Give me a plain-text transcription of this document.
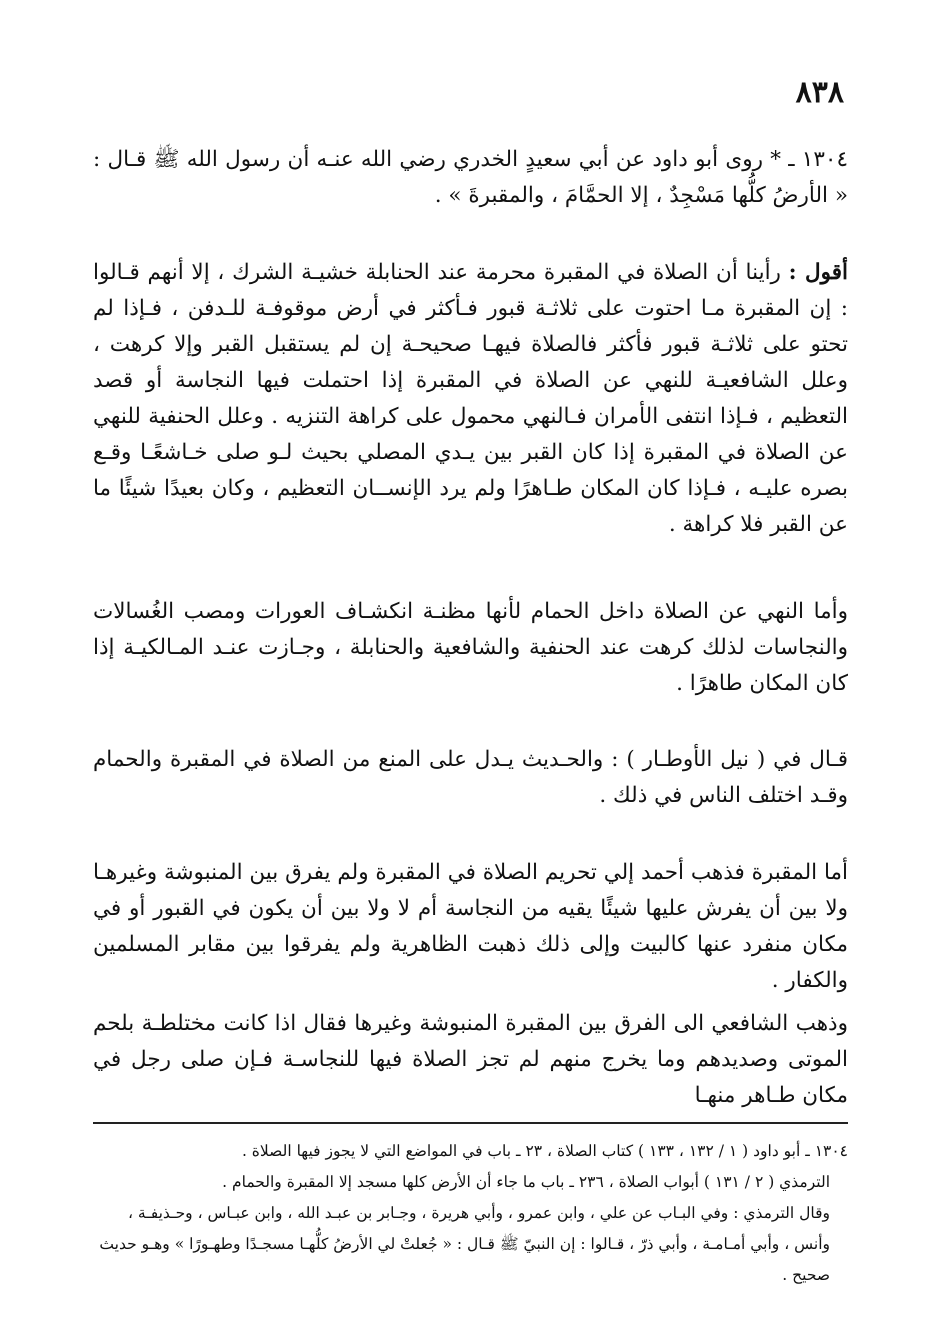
٨٣٨

١٣٠٤ ـ * روى أبو داود عن أبي سعيدٍ الخدري رضي الله عنـه أن رسول الله ﷺ قـال : « الأرضُ كلُّها مَسْجِدٌ ، إلا الحمَّامَ ، والمقبرةَ » .

أقول : رأينا أن الصلاة في المقبرة محرمة عند الحنابلة خشيـة الشرك ، إلا أنهم قـالوا : إن المقبرة مـا احتوت على ثلاثـة قبور فـأكثر في أرض موقوفـة للـدفن ، فـإذا لم تحتو على ثلاثـة قبور فأكثر فالصلاة فيهـا صحيحـة إن لم يستقبل القبر وإلا كرهت ، وعلل الشافعيـة للنهي عن الصلاة في المقبرة إذا احتملت فيها النجاسة أو قصد التعظيم ، فـإذا انتفى الأمران فـالنهي محمول على كراهة التنزيه . وعلل الحنفية للنهي عن الصلاة في المقبرة إذا كان القبر بين يـدي المصلي بحيث لـو صلى خـاشعًـا وقـع بصره عليـه ، فـإذا كان المكان طـاهرًا ولم يرد الإنســان التعظيم ، وكان بعيدًا شيئًا ما عن القبر فلا كراهة .

وأما النهي عن الصلاة داخل الحمام لأنها مظنـة انكشـاف العورات ومصب الغُسالات والنجاسات لذلك كرهت عند الحنفية والشافعية والحنابلة ، وجـازت عنـد المـالكيـة إذا كان المكان طاهرًا .

قـال في ( نيل الأوطـار ) : والحـديث يـدل على المنع من الصلاة في المقبرة والحمام وقـد اختلف الناس في ذلك .

أما المقبرة فذهب أحمد إلي تحريم الصلاة في المقبرة ولم يفرق بين المنبوشة وغيرهـا ولا بين أن يفرش عليها شيئًا يقيه من النجاسة أم لا ولا بين أن يكون في القبور أو في مكان منفرد عنها كالبيت وإلى ذلك ذهبت الظاهرية ولم يفرقوا بين مقابر المسلمين والكفار .

وذهب الشافعي الى الفرق بين المقبرة المنبوشة وغيرها فقال اذا كانت مختلطـة بلحم الموتى وصديدهم وما يخرج منهم لم تجز الصلاة فيها للنجاسـة فـإن صلى رجل في مكان طـاهر منهـا

١٣٠٤ ـ أبو داود ( ١ / ١٣٢ ، ١٣٣ ) كتاب الصلاة ، ٢٣ ـ باب في المواضع التي لا يجوز فيها الصلاة .

الترمذي ( ٢ / ١٣١ ) أبواب الصلاة ، ٢٣٦ ـ باب ما جاء أن الأرض كلها مسجد إلا المقبرة والحمام .

وقال الترمذي : وفي البـاب عن علي ، وابن عمرو ، وأبي هريرة ، وجـابر بن عبـد الله ، وابن عبـاس ، وحـذيفـة ، وأنس ، وأبي أمـامـة ، وأبي ذرّ ، قـالوا : إن النبيّ ﷺ قـال : « جُعلتْ لي الأرضُ كلُّهـا مسجـدًا وطهـورًا » وهـو حديث صحيح .
